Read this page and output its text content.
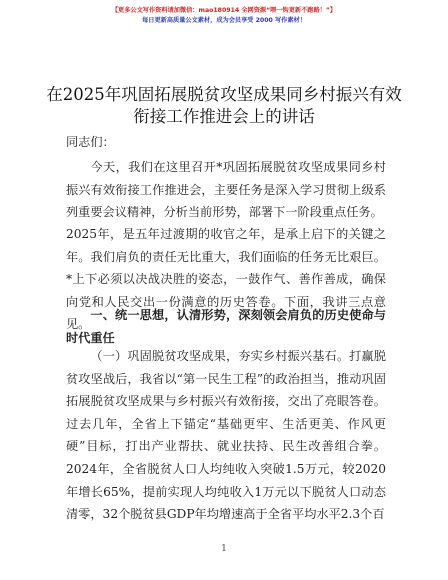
【更多公文写作资料请加微信：mao180914 全网资源“喂一钩更新不跑路！”】
每日更新高质量公文素材，成为会员享受 2000 写作素材！
在2025年巩固拓展脱贫攻坚成果同乡村振兴有效衔接工作推进会上的讲话

同志们：

今天，我们在这里召开*巩固拓展脱贫攻坚成果同乡村振兴有效衔接工作推进会，主要任务是深入学习贯彻上级系列重要会议精神，分析当前形势，部署下一阶段重点任务。

2025年，是五年过渡期的收官之年，是承上启下的关键之年。我们肩负的责任无比重大，我们面临的任务无比艰巨。*上下必须以决战决胜的姿态，一鼓作气、善作善成，确保向党和人民交出一份满意的历史答卷。下面，我讲三点意见。

一、统一思想，认清形势，深刻领会肩负的历史使命与时代重任

（一）巩固脱贫攻坚成果，夯实乡村振兴基石。打赢脱贫攻坚战后，我省以“第一民生工程”的政治担当，推动巩固拓展脱贫攻坚成果与乡村振兴有效衔接，交出了亮眼答卷。过去几年，全省上下锚定“基础更牢、生活更美、作风更硬”目标，打出产业帮扶、就业扶持、民生改善组合拳。2024年，全省脱贫人口人均纯收入突破1.5万元，较2020年增长65%，提前实现人均纯收入1万元以下脱贫人口动态清零，32个脱贫县GDP年均增速高于全省平均水平2.3个百

1
